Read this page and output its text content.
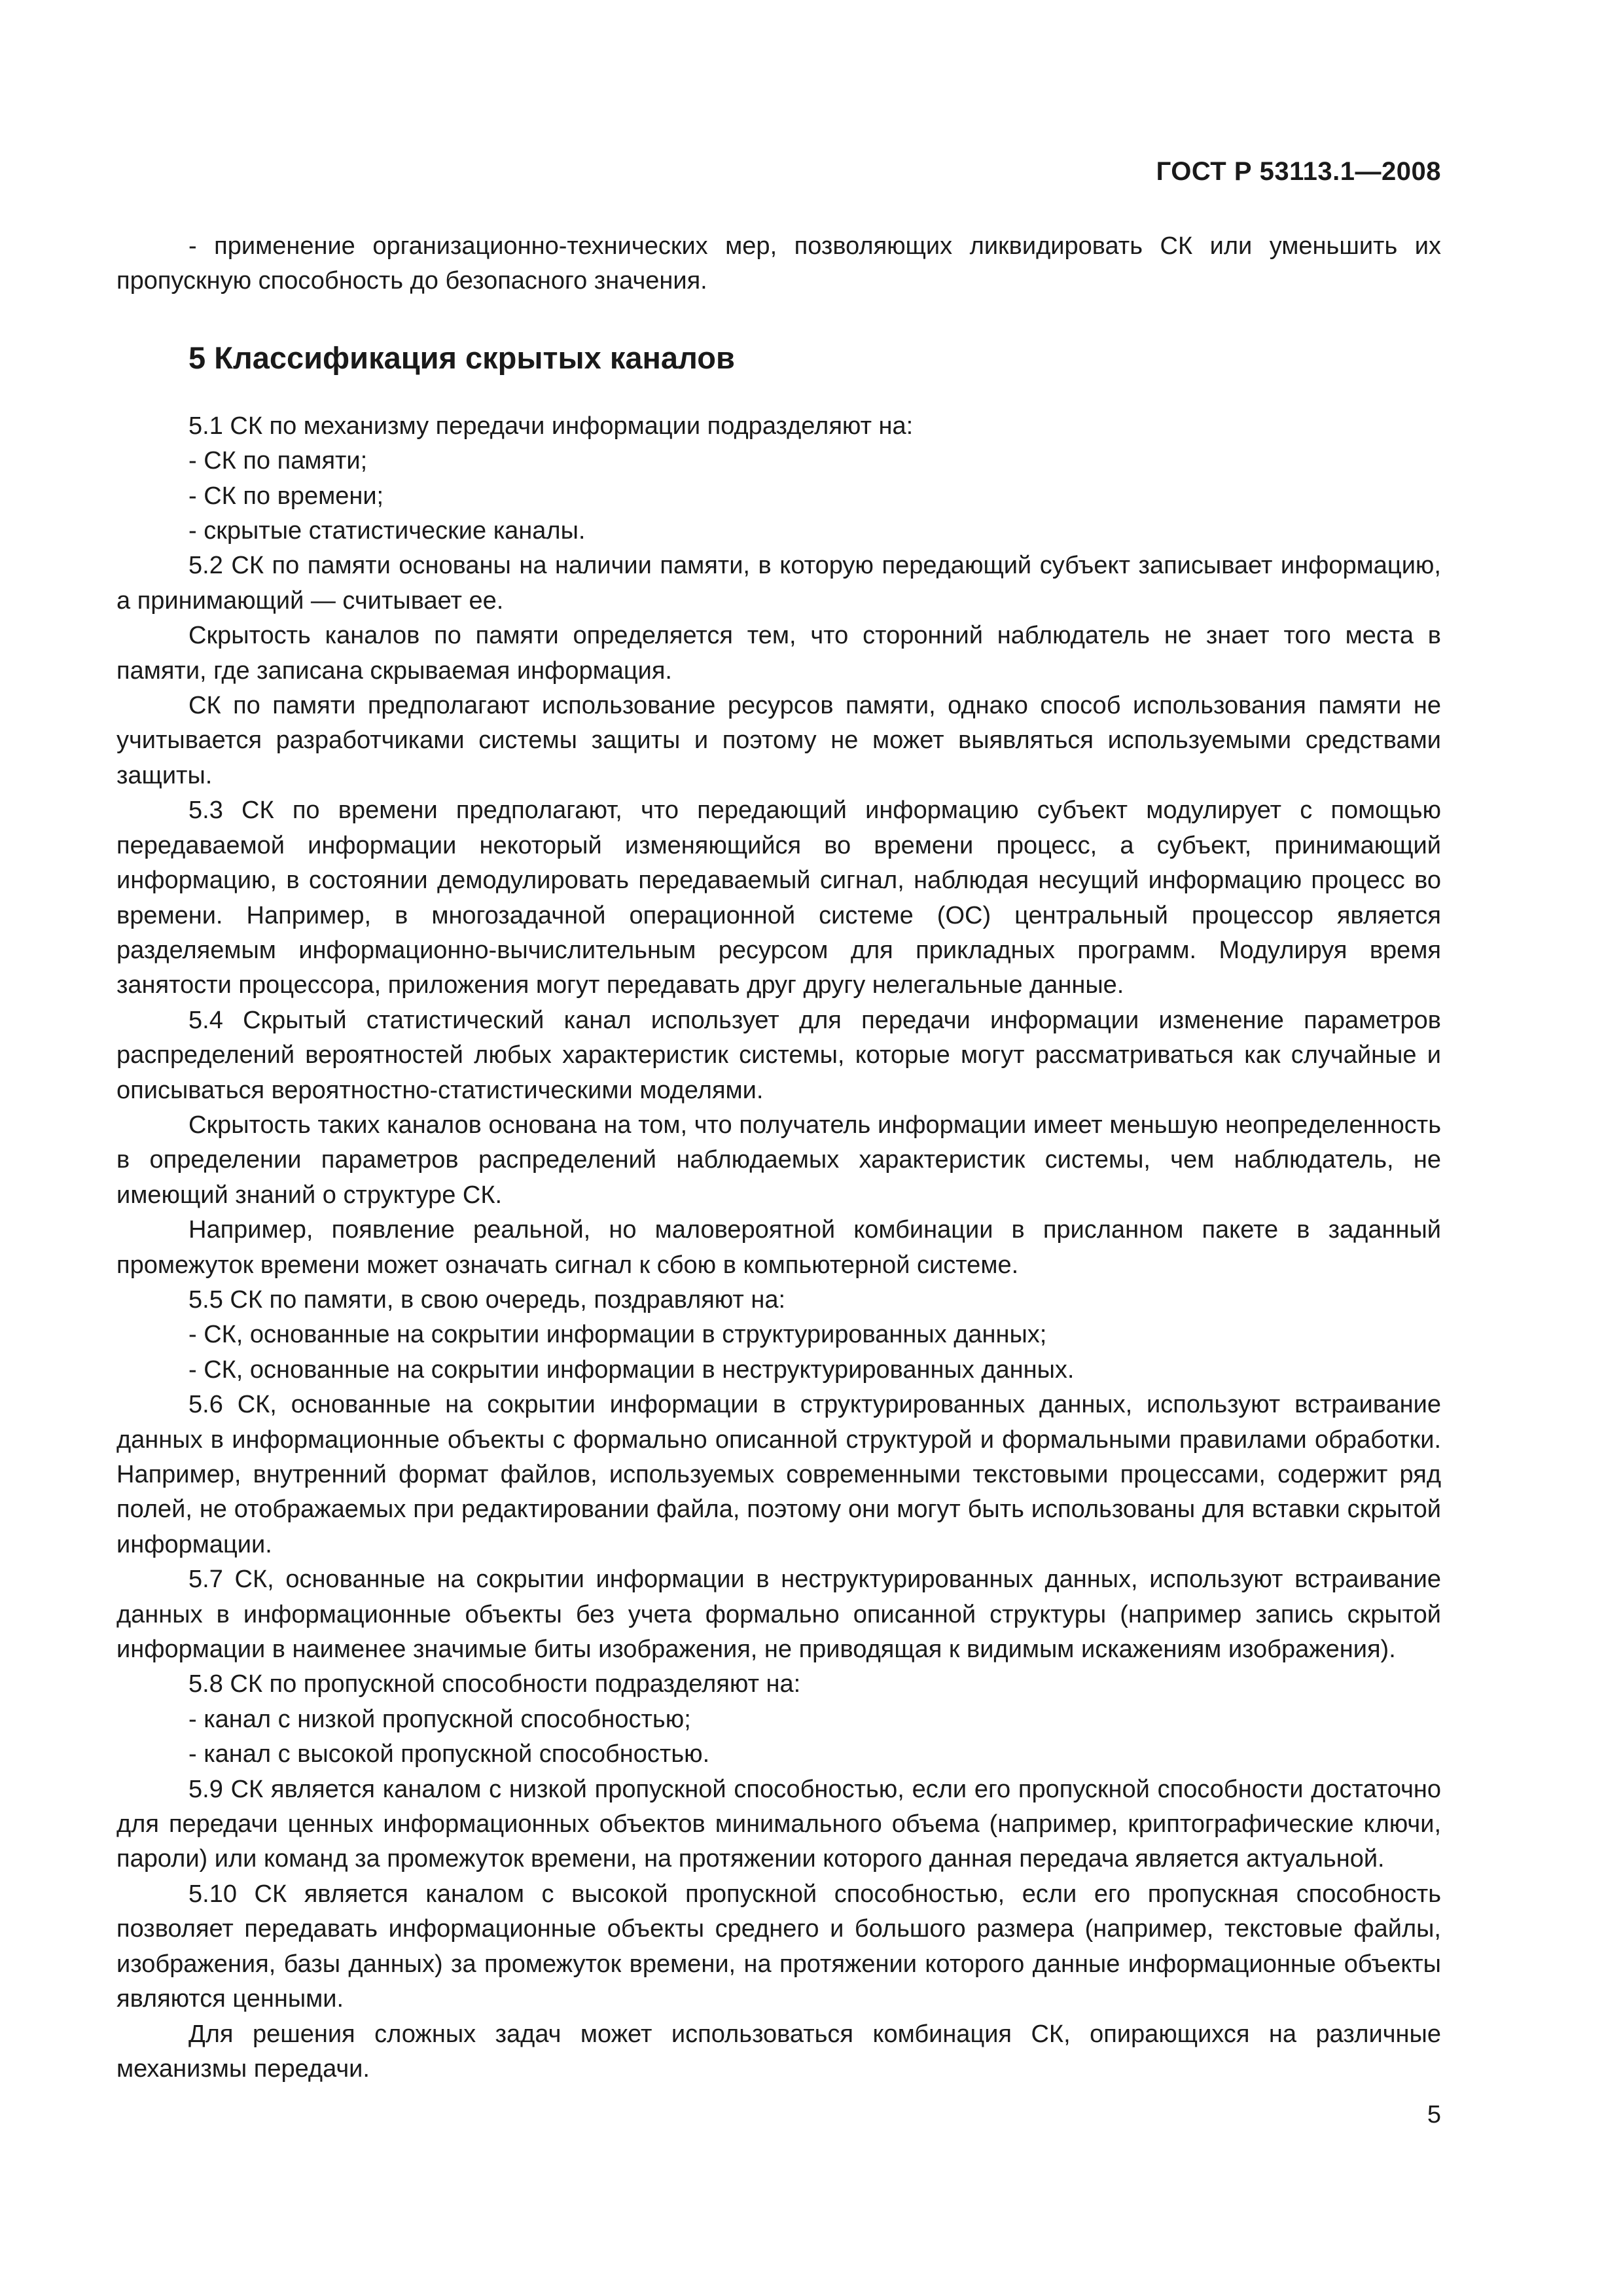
ГОСТ Р 53113.1—2008

- применение организационно-технических мер, позволяющих ликвидировать СК или уменьшить их пропускную способность до безопасного значения.

5 Классификация скрытых каналов

5.1 СК по механизму передачи информации подразделяют на:

- СК по памяти;

- СК по времени;

- скрытые статистические каналы.

5.2 СК по памяти основаны на наличии памяти, в которую передающий субъект записывает информацию, а принимающий — считывает ее.

Скрытость каналов по памяти определяется тем, что сторонний наблюдатель не знает того места в памяти, где записана скрываемая информация.

СК по памяти предполагают использование ресурсов памяти, однако способ использования памяти не учитывается разработчиками системы защиты и поэтому не может выявляться используемыми средствами защиты.

5.3 СК по времени предполагают, что передающий информацию субъект модулирует с помощью передаваемой информации некоторый изменяющийся во времени процесс, а субъект, принимающий информацию, в состоянии демодулировать передаваемый сигнал, наблюдая несущий информацию процесс во времени. Например, в многозадачной операционной системе (ОС) центральный процессор является разделяемым информационно-вычислительным ресурсом для прикладных программ. Модулируя время занятости процессора, приложения могут передавать друг другу нелегальные данные.

5.4 Скрытый статистический канал использует для передачи информации изменение параметров распределений вероятностей любых характеристик системы, которые могут рассматриваться как случайные и описываться вероятностно-статистическими моделями.

Скрытость таких каналов основана на том, что получатель информации имеет меньшую неопределенность в определении параметров распределений наблюдаемых характеристик системы, чем наблюдатель, не имеющий знаний о структуре СК.

Например, появление реальной, но маловероятной комбинации в присланном пакете в заданный промежуток времени может означать сигнал к сбою в компьютерной системе.

5.5 СК по памяти, в свою очередь, поздравляют на:

- СК, основанные на сокрытии информации в структурированных данных;

- СК, основанные на сокрытии информации в неструктурированных данных.

5.6 СК, основанные на сокрытии информации в структурированных данных, используют встраивание данных в информационные объекты с формально описанной структурой и формальными правилами обработки. Например, внутренний формат файлов, используемых современными текстовыми процессами, содержит ряд полей, не отображаемых при редактировании файла, поэтому они могут быть использованы для вставки скрытой информации.

5.7 СК, основанные на сокрытии информации в неструктурированных данных, используют встраивание данных в информационные объекты без учета формально описанной структуры (например запись скрытой информации в наименее значимые биты изображения, не приводящая к видимым искажениям изображения).

5.8 СК по пропускной способности подразделяют на:

- канал с низкой пропускной способностью;

- канал с высокой пропускной способностью.

5.9 СК является каналом с низкой пропускной способностью, если его пропускной способности достаточно для передачи ценных информационных объектов минимального объема (например, криптографические ключи, пароли) или команд за промежуток времени, на протяжении которого данная передача является актуальной.

5.10 СК является каналом с высокой пропускной способностью, если его пропускная способность позволяет передавать информационные объекты среднего и большого размера (например, текстовые файлы, изображения, базы данных) за промежуток времени, на протяжении которого данные информационные объекты являются ценными.

Для решения сложных задач может использоваться комбинация СК, опирающихся на различные механизмы передачи.

5
